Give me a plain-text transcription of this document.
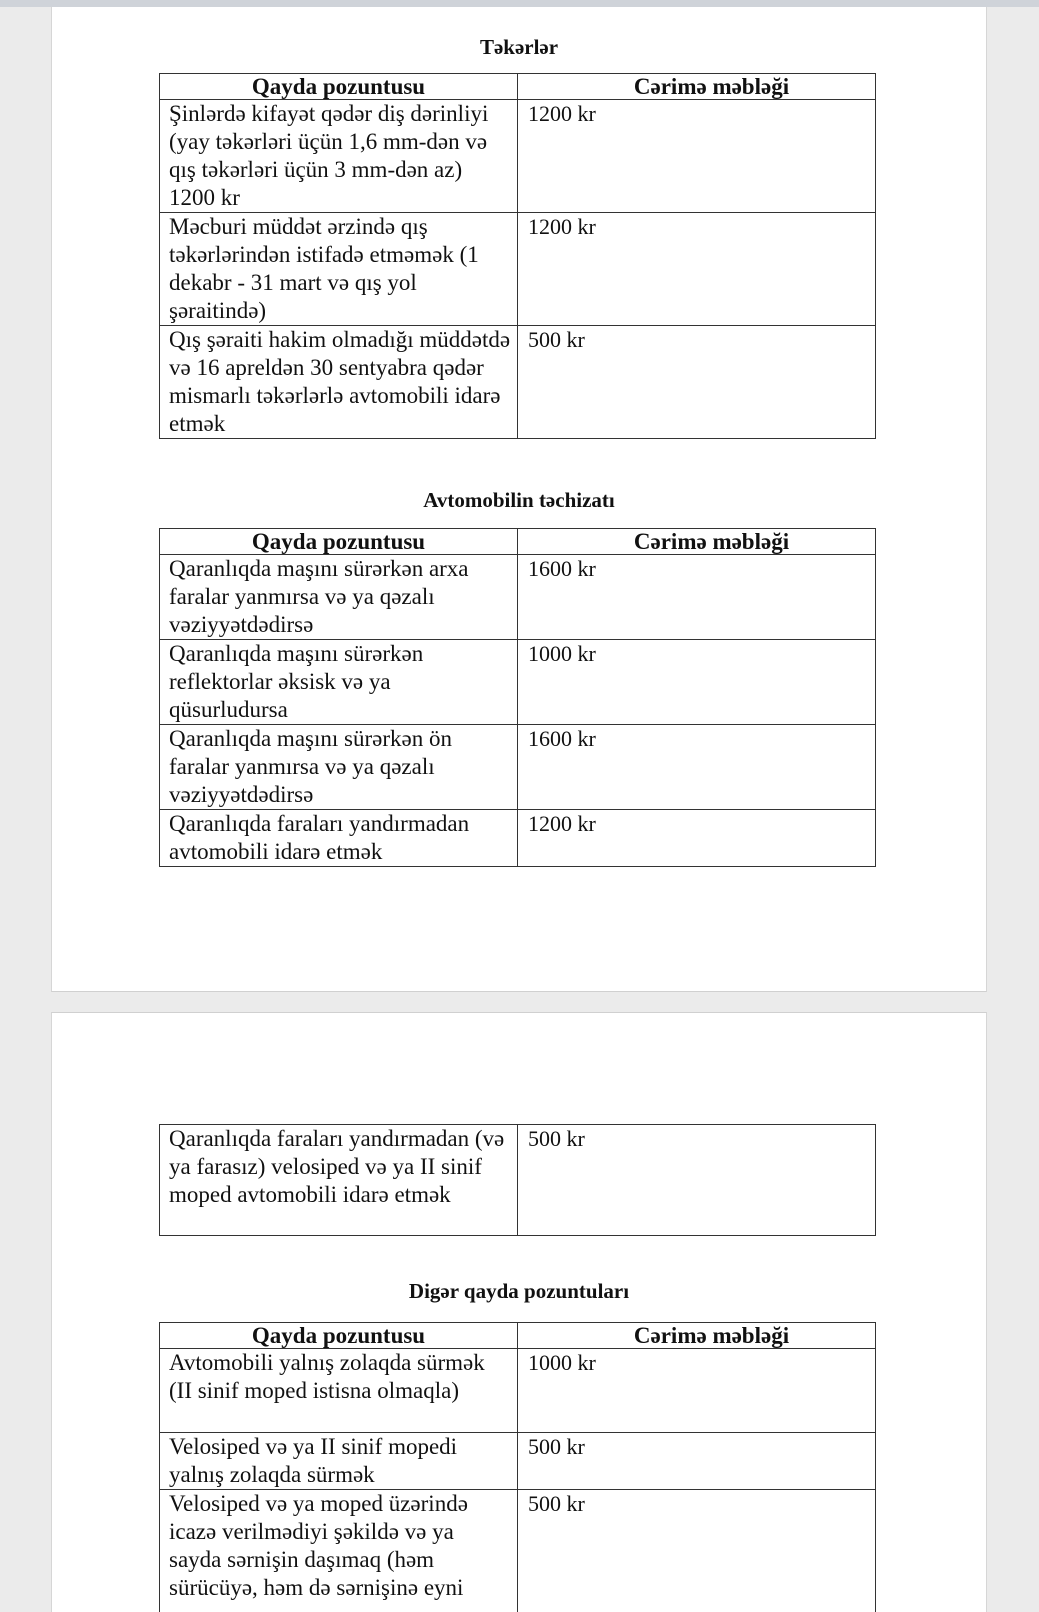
Təkərlər
Qayda pozuntusu	Cərimə məbləği
Şinlərdə kifayət qədər diş dərinliyi (yay təkərləri üçün 1,6 mm-dən və qış təkərləri üçün 3 mm-dən az) 1200 kr	1200 kr
Məcburi müddət ərzində qış təkərlərindən istifadə etməmək (1 dekabr - 31 mart və qış yol şəraitində)	1200 kr
Qış şəraiti hakim olmadığı müddətdə və 16 apreldən 30 sentyabra qədər mismarlı təkərlərlə avtomobili idarə etmək	500 kr
Avtomobilin təchizatı
Qayda pozuntusu	Cərimə məbləği
Qaranlıqda maşını sürərkən arxa faralar yanmırsa və ya qəzalı vəziyyətdədirsə	1600 kr
Qaranlıqda maşını sürərkən reflektorlar əksisk və ya qüsurludursa	1000 kr
Qaranlıqda maşını sürərkən ön faralar yanmırsa və ya qəzalı vəziyyətdədirsə	1600 kr
Qaranlıqda faraları yandırmadan avtomobili idarə etmək	1200 kr
Qaranlıqda faraları yandırmadan (və ya farasız) velosiped və ya II sinif moped avtomobili idarə etmək	500 kr
Digər qayda pozuntuları
Qayda pozuntusu	Cərimə məbləği
Avtomobili yalnış zolaqda sürmək (II sinif moped istisna olmaqla)	1000 kr
Velosiped və ya II sinif mopedi yalnış zolaqda sürmək	500 kr
Velosiped və ya moped üzərində icazə verilmədiyi şəkildə və ya sayda sərnişin daşımaq (həm sürücüyə, həm də sərnişinə eyni	500 kr
